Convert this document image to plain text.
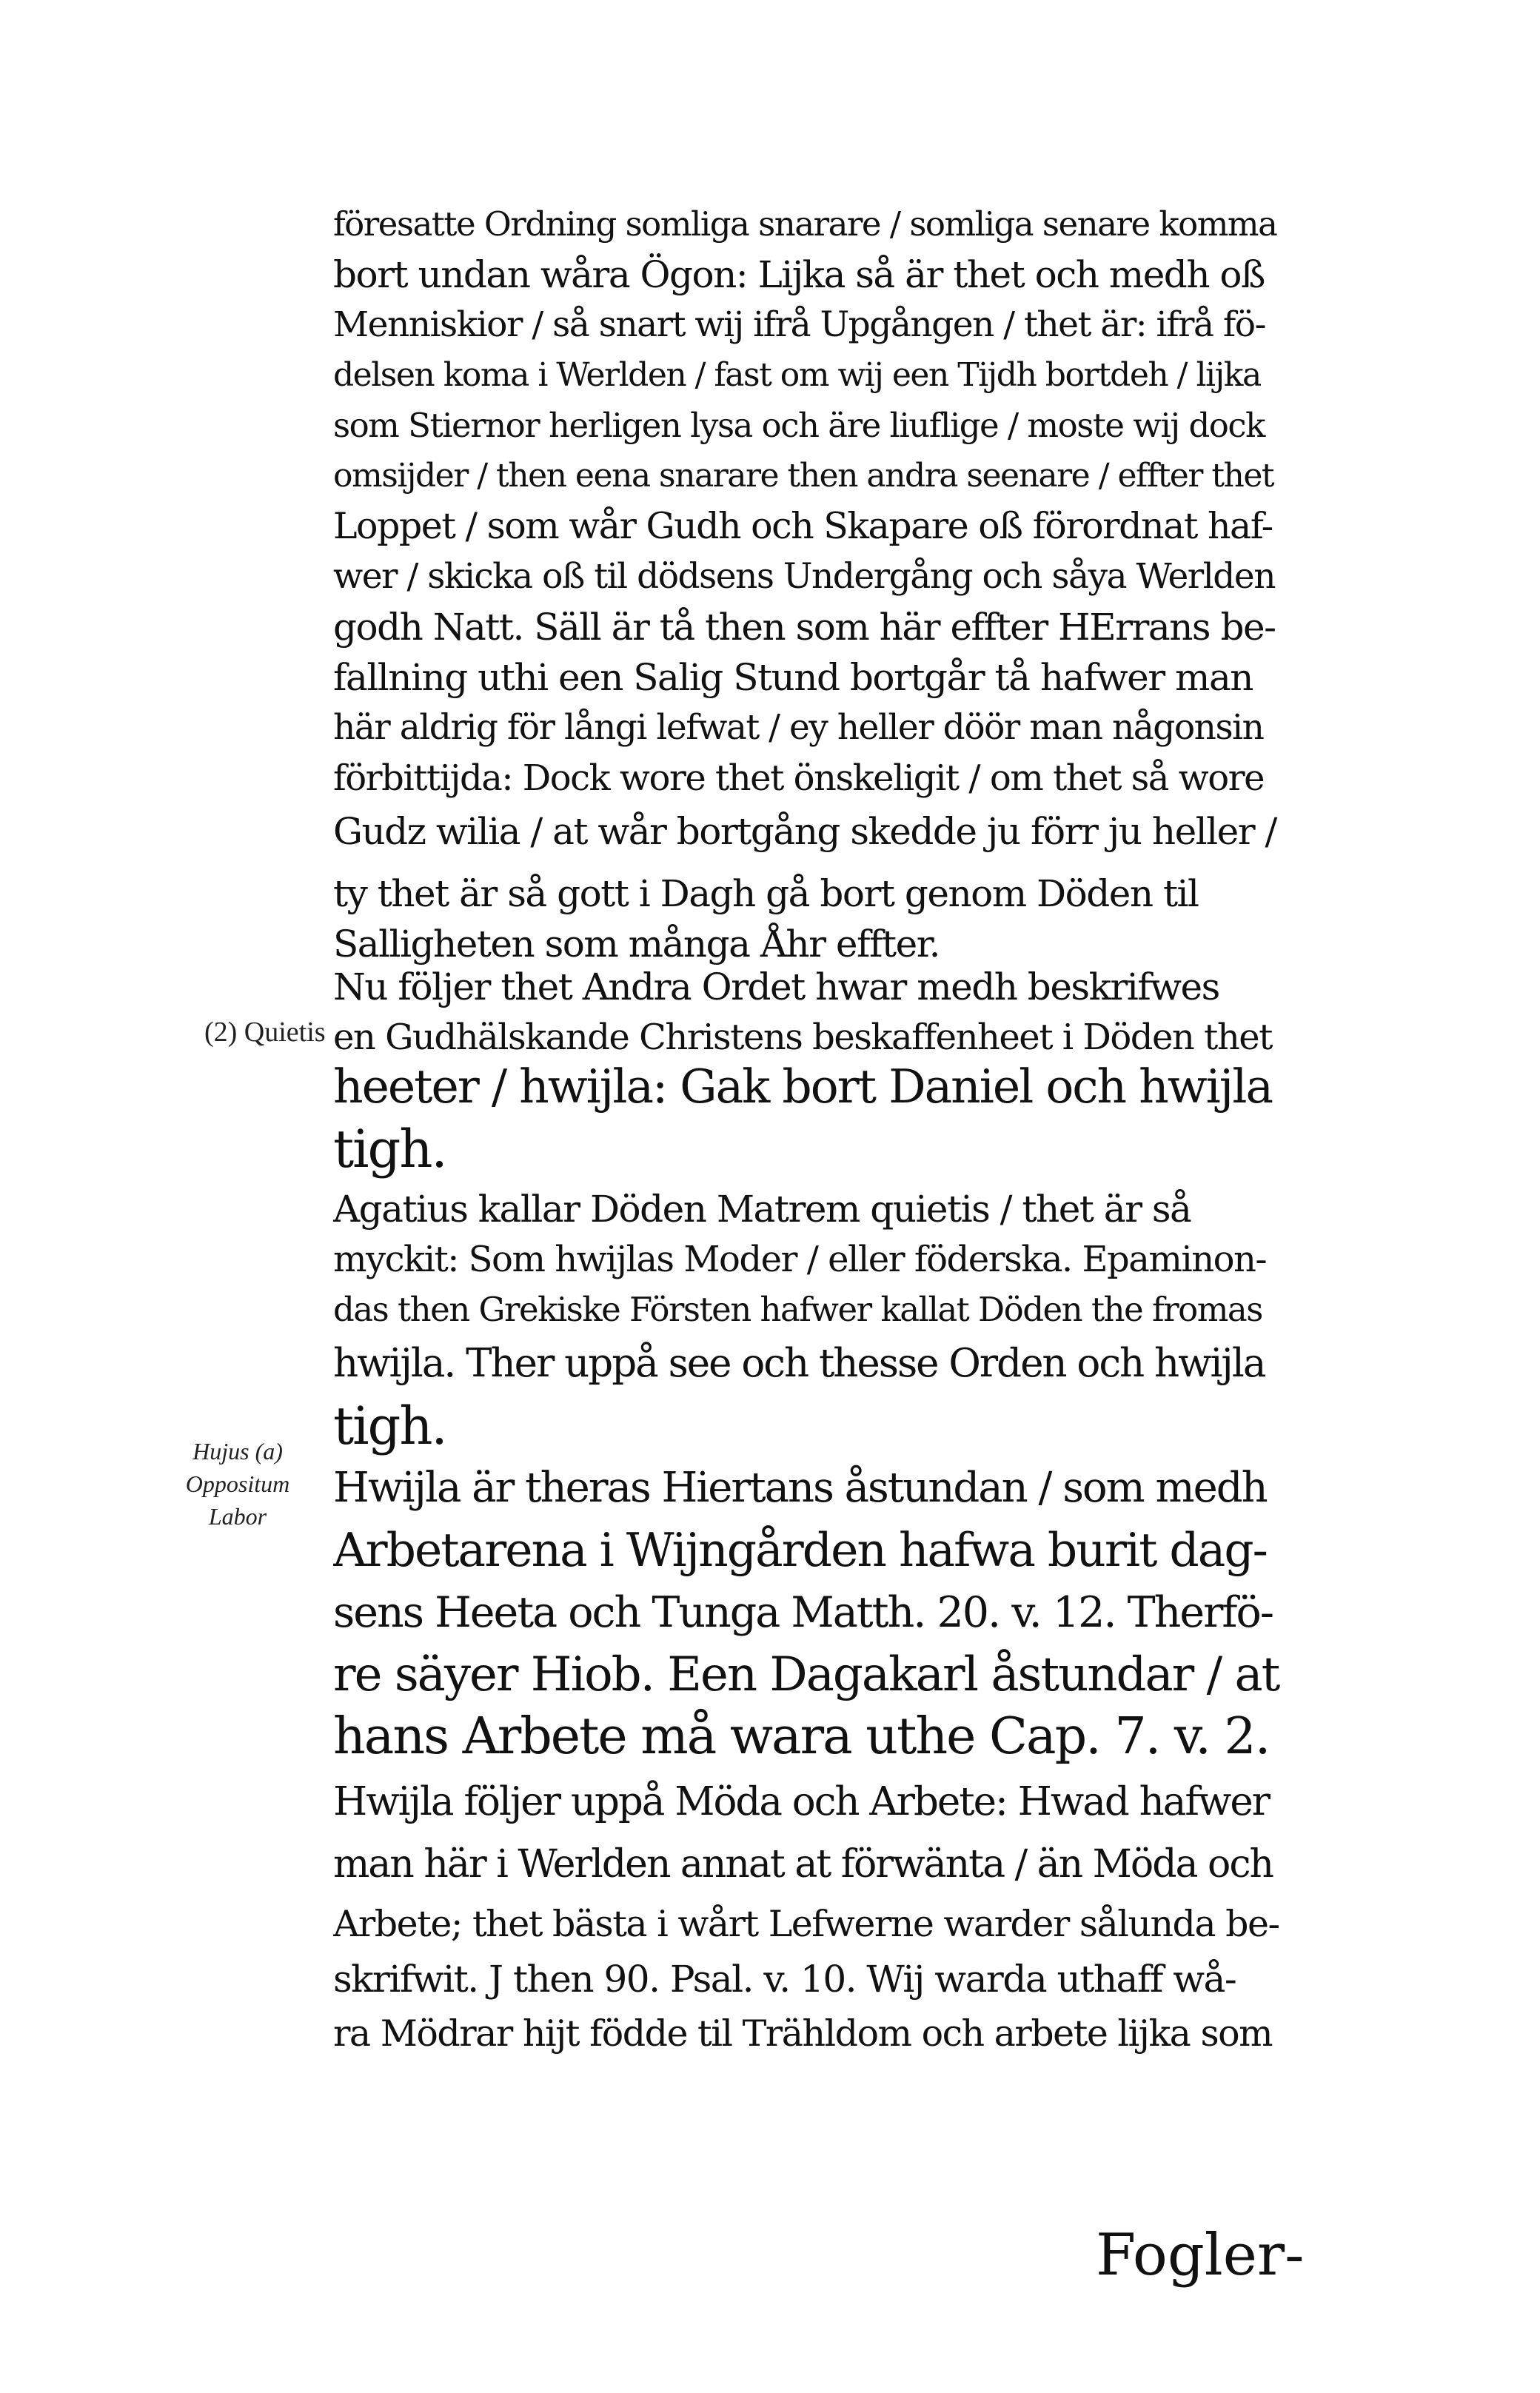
föresatte Ordning somliga snarare / somliga senare komma
bort undan wåra Ögon: Lijka så är thet och medh oß
Menniskior / så snart wij ifrå Upgången / thet är: ifrå fö-
delsen koma i Werlden / fast om wij een Tijdh bortdeh / lijka
som Stiernor herligen lysa och äre liuflige / moste wij dock
omsijder / then eena snarare then andra seenare / effter thet
Loppet / som wår Gudh och Skapare oß förordnat haf-
wer / skicka oß til dödsens Undergång och såya Werlden
godh Natt. Säll är tå then som här effter HErrans be-
fallning uthi een Salig Stund bortgår tå hafwer man
här aldrig för långi lefwat / ey heller döör man någonsin
förbittijda: Dock wore thet önskeligit / om thet så wore
Gudz wilia / at wår bortgång skedde ju förr ju heller /
ty thet är så gott i Dagh gå bort genom Döden til
Salligheten som många Åhr effter.
Nu följer thet Andra Ordet hwar medh beskrifwes
en Gudhälskande Christens beskaffenheet i Döden thet
heeter / hwijla: Gak bort Daniel och hwijla
tigh.
Agatius kallar Döden Matrem quietis / thet är så
myckit: Som hwijlas Moder / eller föderska. Epaminon-
das then Grekiske Försten hafwer kallat Döden the fromas
hwijla. Ther uppå see och thesse Orden och hwijla
tigh.
Hwijla är theras Hiertans åstundan / som medh
Arbetarena i Wijngården hafwa burit dag-
sens Heeta och Tunga Matth. 20. v. 12. Therfö-
re säyer Hiob. Een Dagakarl åstundar / at
hans Arbete må wara uthe Cap. 7. v. 2.
Hwijla följer uppå Möda och Arbete: Hwad hafwer
man här i Werlden annat at förwänta / än Möda och
Arbete; thet bästa i wårt Lefwerne warder sålunda be-
skrifwit. J then 90. Psal. v. 10. Wij warda uthaff wå-
ra Mödrar hijt födde til Trähldom och arbete lijka som
(2) Quietis
Hujus (a)
Oppositum
Labor
Fogler-
